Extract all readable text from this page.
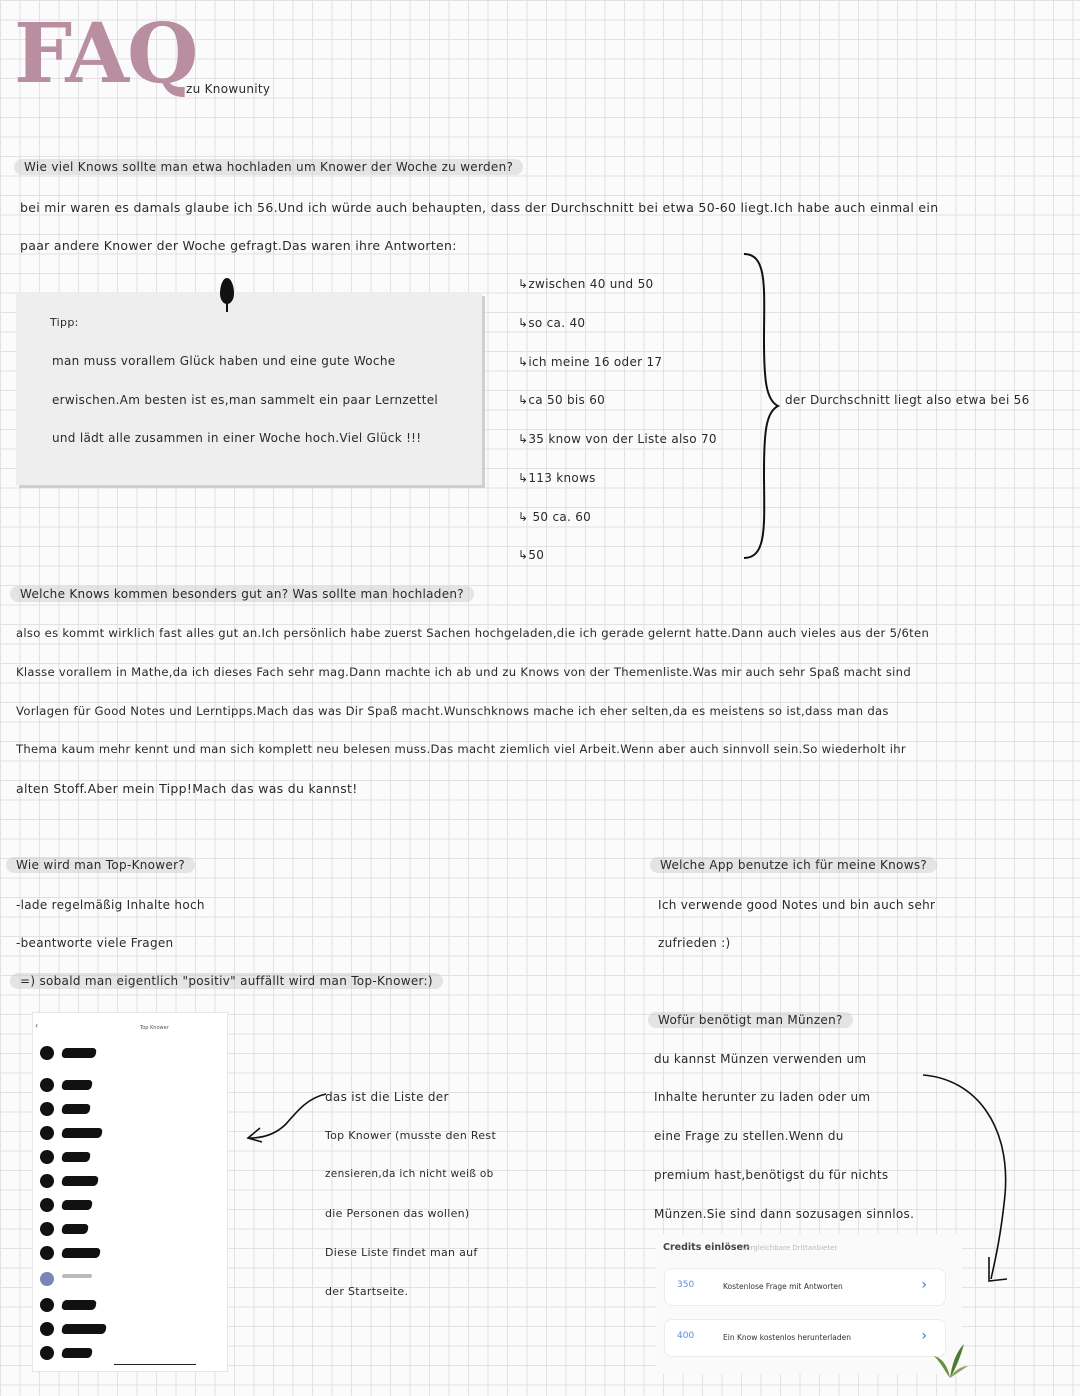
FAQ
zu Knowunity
Wie viel Knows sollte man etwa hochladen um Knower der Woche zu werden?
bei mir waren es damals glaube ich 56.Und ich würde auch behaupten, dass der Durchschnitt bei etwa 50-60 liegt.Ich habe auch einmal ein
paar andere Knower der Woche gefragt.Das waren ihre Antworten:
Tipp:
man muss vorallem Glück haben und eine gute Woche
erwischen.Am besten ist es,man sammelt ein paar Lernzettel
und lädt alle zusammen in einer Woche hoch.Viel Glück !!!
↳zwischen 40 und 50
↳so ca. 40
↳ich meine 16 oder 17
↳ca 50 bis 60
↳35 know von der Liste also 70
↳113 knows
↳ 50 ca. 60
↳50
der Durchschnitt liegt also etwa bei 56
Welche Knows kommen besonders gut an? Was sollte man hochladen?
also es kommt wirklich fast alles gut an.Ich persönlich habe zuerst Sachen hochgeladen,die ich gerade gelernt hatte.Dann auch vieles aus der 5/6ten
Klasse vorallem in Mathe,da ich dieses Fach sehr mag.Dann machte ich ab und zu Knows von der Themenliste.Was mir auch sehr Spaß macht sind
Vorlagen für Good Notes und Lerntipps.Mach das was Dir Spaß macht.Wunschknows mache ich eher selten,da es meistens so ist,dass man das
Thema kaum mehr kennt und man sich komplett neu belesen muss.Das macht ziemlich viel Arbeit.Wenn aber auch sinnvoll sein.So wiederholt ihr
alten Stoff.Aber mein Tipp!Mach das was du kannst!
Wie wird man Top-Knower?
-lade regelmäßig Inhalte hoch
-beantworte viele Fragen
=) sobald man eigentlich "positiv" auffällt wird man Top-Knower:)
‹	Top Knower
das ist die Liste der
Top Knower (musste den Rest
zensieren,da ich nicht weiß ob
die Personen das wollen)
Diese Liste findet man auf
der Startseite.
Welche App benutze ich für meine Knows?
Ich verwende good Notes und bin auch sehr
zufrieden :)
Wofür benötigt man Münzen?
du kannst Münzen verwenden um
Inhalte herunter zu laden oder um
eine Frage zu stellen.Wenn du
premium hast,benötigst du für nichts
Münzen.Sie sind dann sozusagen sinnlos.
Credits einlösen
Vergleichbare Drittanbieter
350	Kostenlose Frage mit Antworten	›
400	Ein Know kostenlos herunterladen	›
